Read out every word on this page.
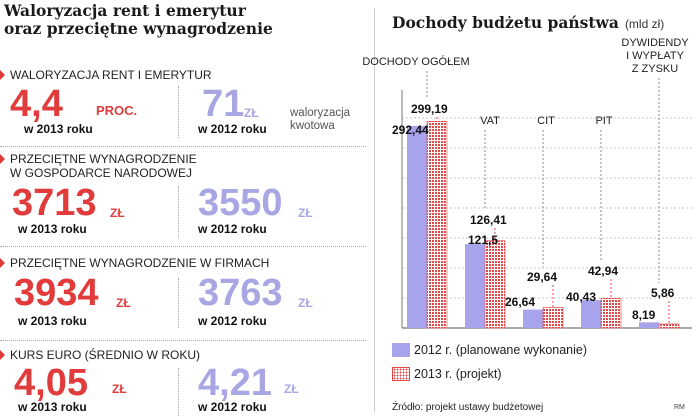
Waloryzacja rent i emerytur
oraz przeciętne wynagrodzenie
WALORYZACJA RENT I EMERYTUR
4,4	PROC.
w 2013 roku
71 ZŁ
w 2012 roku
waloryzacja kwotowa
PRZECIĘTNE WYNAGRODZENIE
W GOSPODARCE NARODOWEJ
3713 ZŁ
w 2013 roku
3550 ZŁ
w 2012 roku
PRZECIĘTNE WYNAGRODZENIE W FIRMACH
3934 ZŁ
w 2013 roku
3763 ZŁ
w 2012 roku
KURS EURO (ŚREDNIO W ROKU)
4,05 ZŁ
w 2013 roku
4,21 ZŁ
w 2012 roku
Dochody budżetu państwa (mld zł)
292,44
299,19
DOCHODY OGÓŁEM
121,5
126,41
VAT
26,64
29,64
CIT
40,43
42,94
PIT
8,19
5,86
DYWIDENDY
I WYPŁATY
Z ZYSKU
2012 r. (planowane wykonanie)
2013 r. (projekt)
Źródło: projekt ustawy budżetowej	RM
